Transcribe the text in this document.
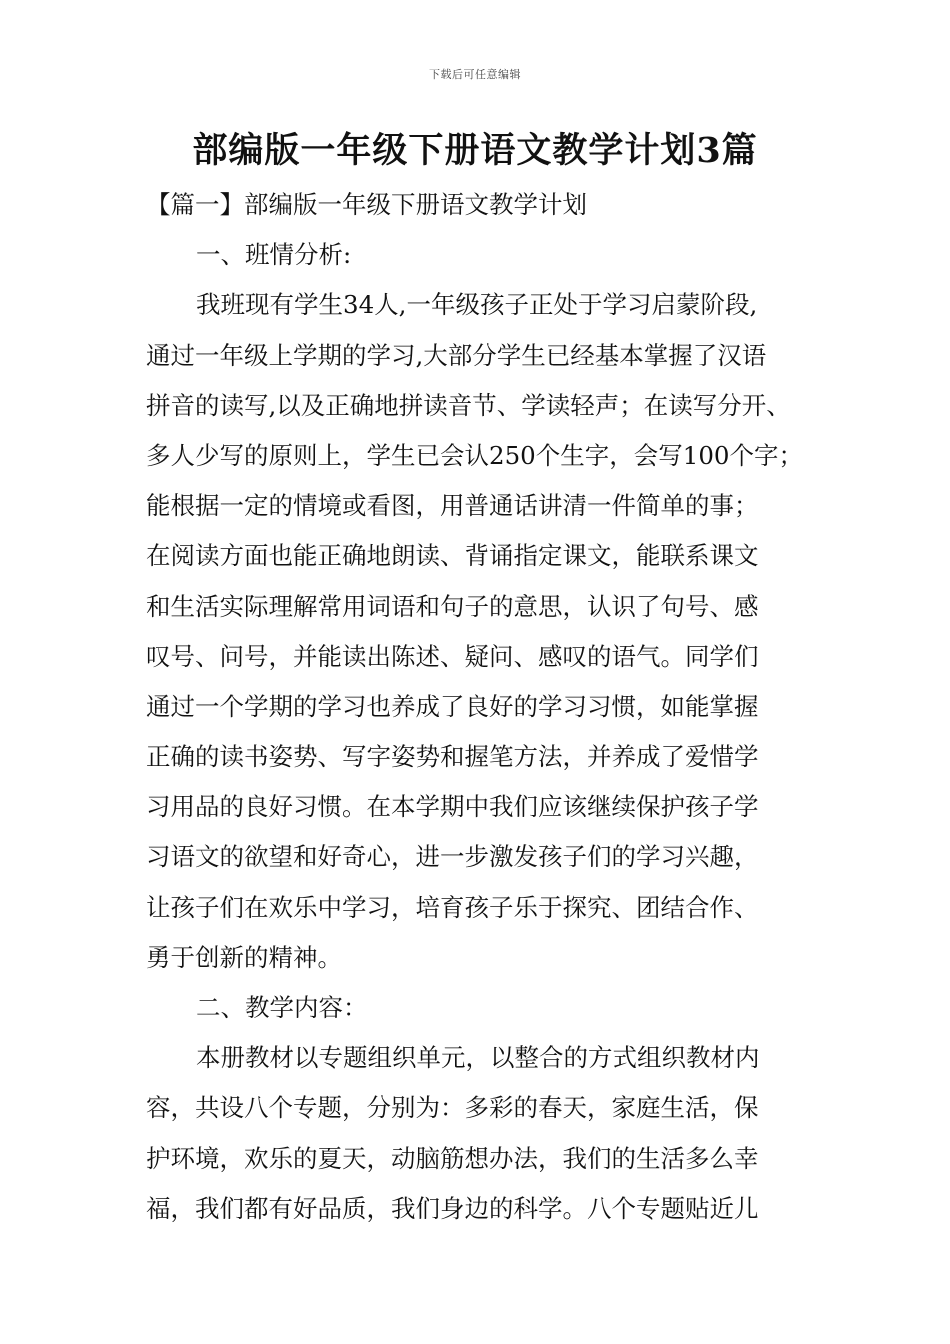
下载后可任意编辑
部编版一年级下册语文教学计划3篇
【篇一】部编版一年级下册语文教学计划
一、班情分析:
我班现有学生34人,一年级孩子正处于学习启蒙阶段,
通过一年级上学期的学习,大部分学生已经基本掌握了汉语
拼音的读写,以及正确地拼读音节、学读轻声；在读写分开、
多人少写的原则上，学生已会认250个生字，会写100个字；
能根据一定的情境或看图，用普通话讲清一件简单的事；
在阅读方面也能正确地朗读、背诵指定课文，能联系课文
和生活实际理解常用词语和句子的意思，认识了句号、感
叹号、问号，并能读出陈述、疑问、感叹的语气。同学们
通过一个学期的学习也养成了良好的学习习惯，如能掌握
正确的读书姿势、写字姿势和握笔方法，并养成了爱惜学
习用品的良好习惯。在本学期中我们应该继续保护孩子学
习语文的欲望和好奇心，进一步激发孩子们的学习兴趣，
让孩子们在欢乐中学习，培育孩子乐于探究、团结合作、
勇于创新的精神。
二、教学内容：
本册教材以专题组织单元，以整合的方式组织教材内
容，共设八个专题，分别为：多彩的春天，家庭生活，保
护环境，欢乐的夏天，动脑筋想办法，我们的生活多么幸
福，我们都有好品质，我们身边的科学。八个专题贴近儿
